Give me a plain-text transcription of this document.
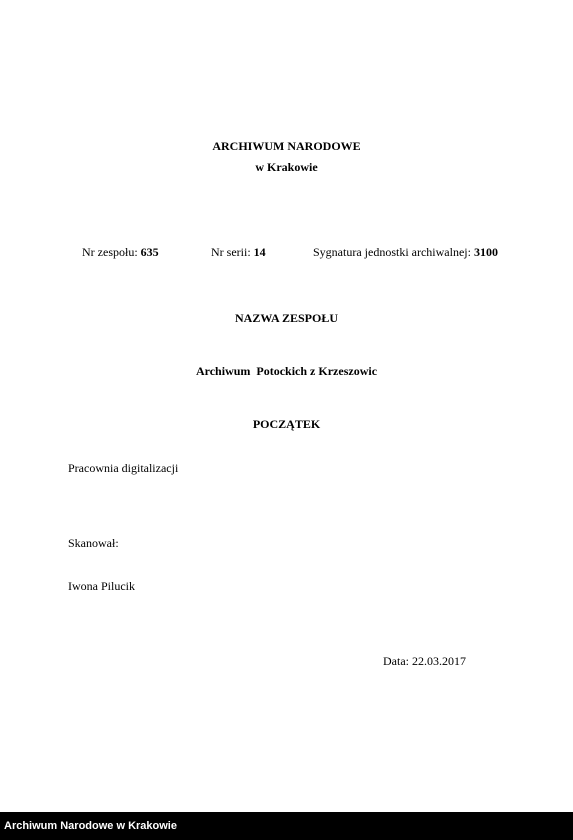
ARCHIWUM NARODOWE
w Krakowie
Nr zespołu: 635	Nr serii: 14	Sygnatura jednostki archiwalnej: 3100
NAZWA ZESPOŁU
Archiwum  Potockich z Krzeszowic
POCZĄTEK
Pracownia digitalizacji
Skanował:
Iwona Pilucik
Data: 22.03.2017
Archiwum Narodowe w Krakowie
